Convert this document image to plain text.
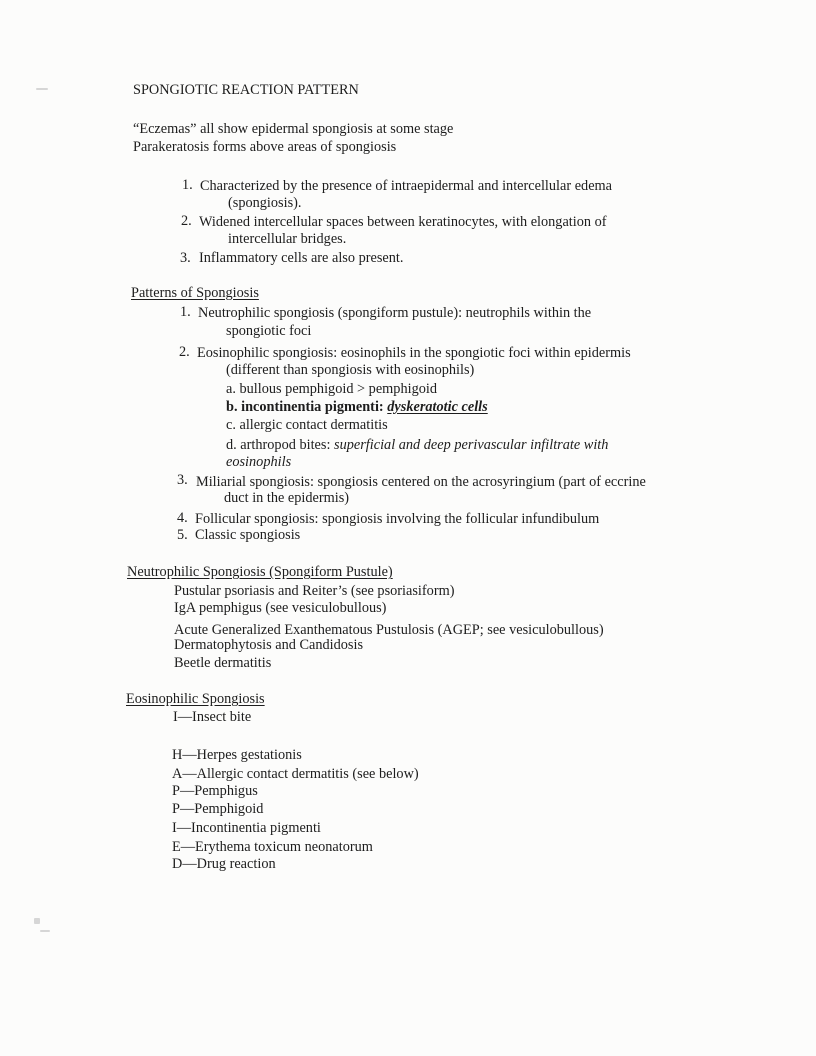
SPONGIOTIC REACTION PATTERN
“Eczemas” all show epidermal spongiosis at some stage
Parakeratosis forms above areas of spongiosis
1. Characterized by the presence of intraepidermal and intercellular edema
(spongiosis).
2. Widened intercellular spaces between keratinocytes, with elongation of
intercellular bridges.
3. Inflammatory cells are also present.
Patterns of Spongiosis
1. Neutrophilic spongiosis (spongiform pustule): neutrophils within the
spongiotic foci
2. Eosinophilic spongiosis: eosinophils in the spongiotic foci within epidermis
(different than spongiosis with eosinophils)
a. bullous pemphigoid > pemphigoid
b. incontinentia pigmenti: dyskeratotic cells
c. allergic contact dermatitis
d. arthropod bites: superficial and deep perivascular infiltrate with
eosinophils
3. Miliarial spongiosis: spongiosis centered on the acrosyringium (part of eccrine
duct in the epidermis)
4. Follicular spongiosis: spongiosis involving the follicular infundibulum
5. Classic spongiosis
Neutrophilic Spongiosis (Spongiform Pustule)
Pustular psoriasis and Reiter’s (see psoriasiform)
IgA pemphigus (see vesiculobullous)
Acute Generalized Exanthematous Pustulosis (AGEP; see vesiculobullous)
Dermatophytosis and Candidosis
Beetle dermatitis
Eosinophilic Spongiosis
I—Insect bite
H—Herpes gestationis
A—Allergic contact dermatitis (see below)
P—Pemphigus
P—Pemphigoid
I—Incontinentia pigmenti
E—Erythema toxicum neonatorum
D—Drug reaction
